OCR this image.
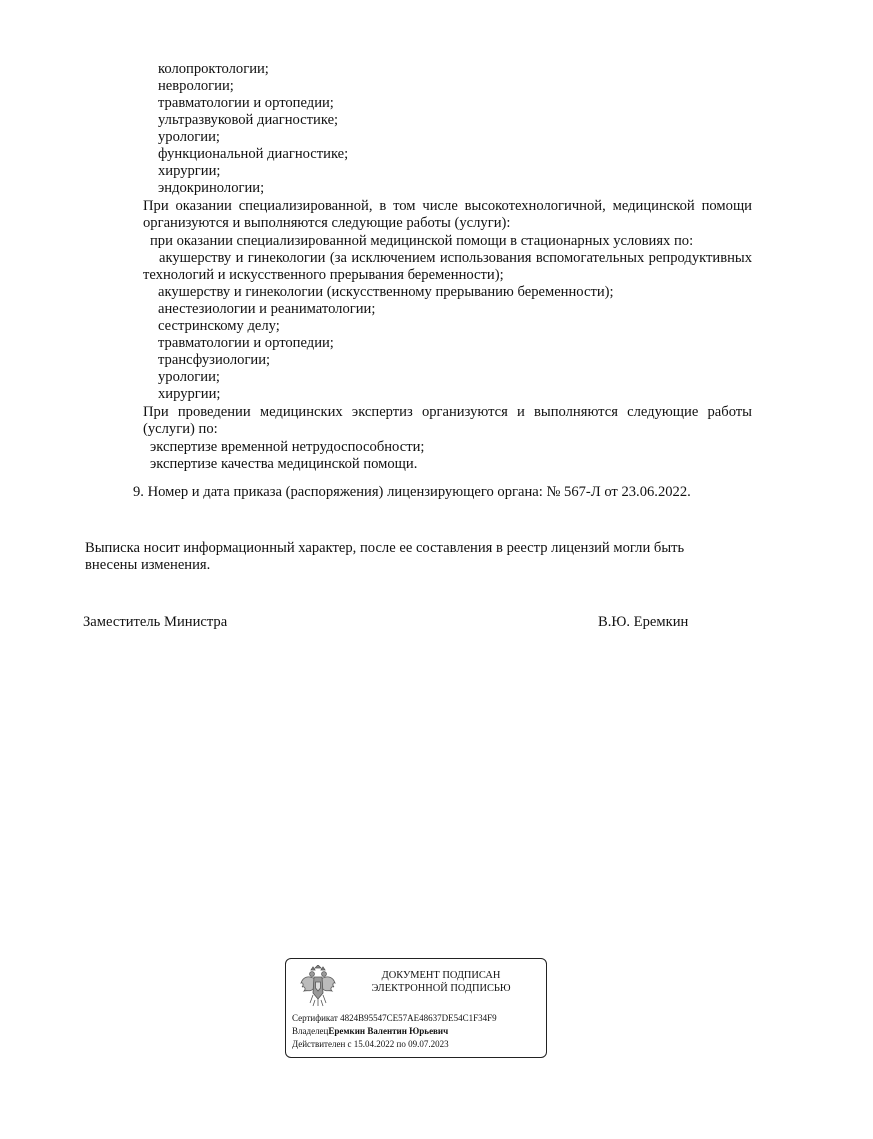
колопроктологии;
неврологии;
травматологии и ортопедии;
ультразвуковой диагностике;
урологии;
функциональной диагностике;
хирургии;
эндокринологии;
При оказании специализированной, в том числе высокотехнологичной, медицинской помощи организуются и выполняются следующие работы (услуги):
при оказании специализированной медицинской помощи в стационарных условиях по:
акушерству и гинекологии (за исключением использования вспомогательных репродуктивных технологий и искусственного прерывания беременности);
акушерству и гинекологии (искусственному прерыванию беременности);
анестезиологии и реаниматологии;
сестринскому делу;
травматологии и ортопедии;
трансфузиологии;
урологии;
хирургии;
При проведении медицинских экспертиз организуются и выполняются следующие работы (услуги) по:
экспертизе временной нетрудоспособности;
экспертизе качества медицинской помощи.
9. Номер и дата приказа (распоряжения) лицензирующего органа: № 567-Л от 23.06.2022.
Выписка носит информационный характер, после ее составления в реестр лицензий могли быть
внесены изменения.
Заместитель Министра	В.Ю. Еремкин
ДОКУМЕНТ ПОДПИСАН
ЭЛЕКТРОННОЙ ПОДПИСЬЮ
Сертификат 4824B95547CE57AE48637DE54C1F34F9
ВладелецЕремкин Валентин Юрьевич
Действителен с 15.04.2022 по 09.07.2023
